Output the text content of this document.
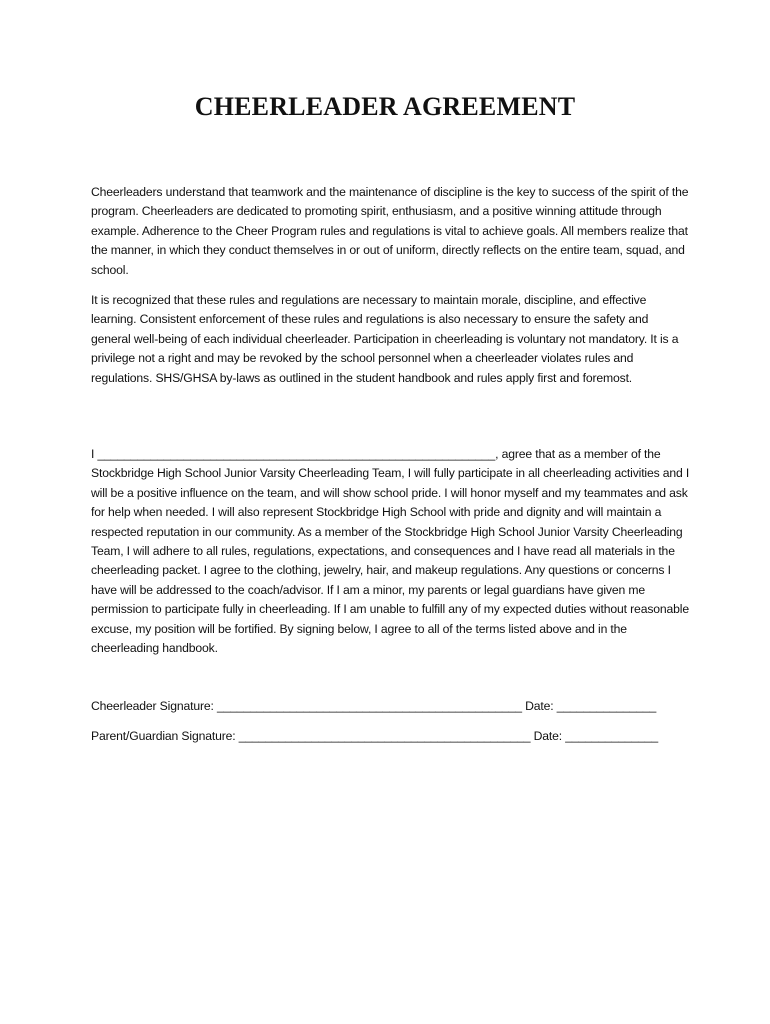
CHEERLEADER AGREEMENT

Cheerleaders understand that teamwork and the maintenance of discipline is the key to success of the spirit of the program. Cheerleaders are dedicated to promoting spirit, enthusiasm, and a positive winning attitude through example. Adherence to the Cheer Program rules and regulations is vital to achieve goals. All members realize that the manner, in which they conduct themselves in or out of uniform, directly reflects on the entire team, squad, and school.

It is recognized that these rules and regulations are necessary to maintain morale, discipline, and effective learning. Consistent enforcement of these rules and regulations is also necessary to ensure the safety and general well-being of each individual cheerleader. Participation in cheerleading is voluntary not mandatory. It is a privilege not a right and may be revoked by the school personnel when a cheerleader violates rules and regulations. SHS/GHSA by-laws as outlined in the student handbook and rules apply first and foremost.

I ____________________________________________________________, agree that as a member of the Stockbridge High School Junior Varsity Cheerleading Team, I will fully participate in all cheerleading activities and I will be a positive influence on the team, and will show school pride. I will honor myself and my teammates and ask for help when needed. I will also represent Stockbridge High School with pride and dignity and will maintain a respected reputation in our community. As a member of the Stockbridge High School Junior Varsity Cheerleading Team, I will adhere to all rules, regulations, expectations, and consequences and I have read all materials in the cheerleading packet. I agree to the clothing, jewelry, hair, and makeup regulations. Any questions or concerns I have will be addressed to the coach/advisor. If I am a minor, my parents or legal guardians have given me permission to participate fully in cheerleading. If I am unable to fulfill any of my expected duties without reasonable excuse, my position will be fortified. By signing below, I agree to all of the terms listed above and in the cheerleading handbook.

Cheerleader Signature: ______________________________________________ Date: _______________

Parent/Guardian Signature: ____________________________________________ Date: ______________
